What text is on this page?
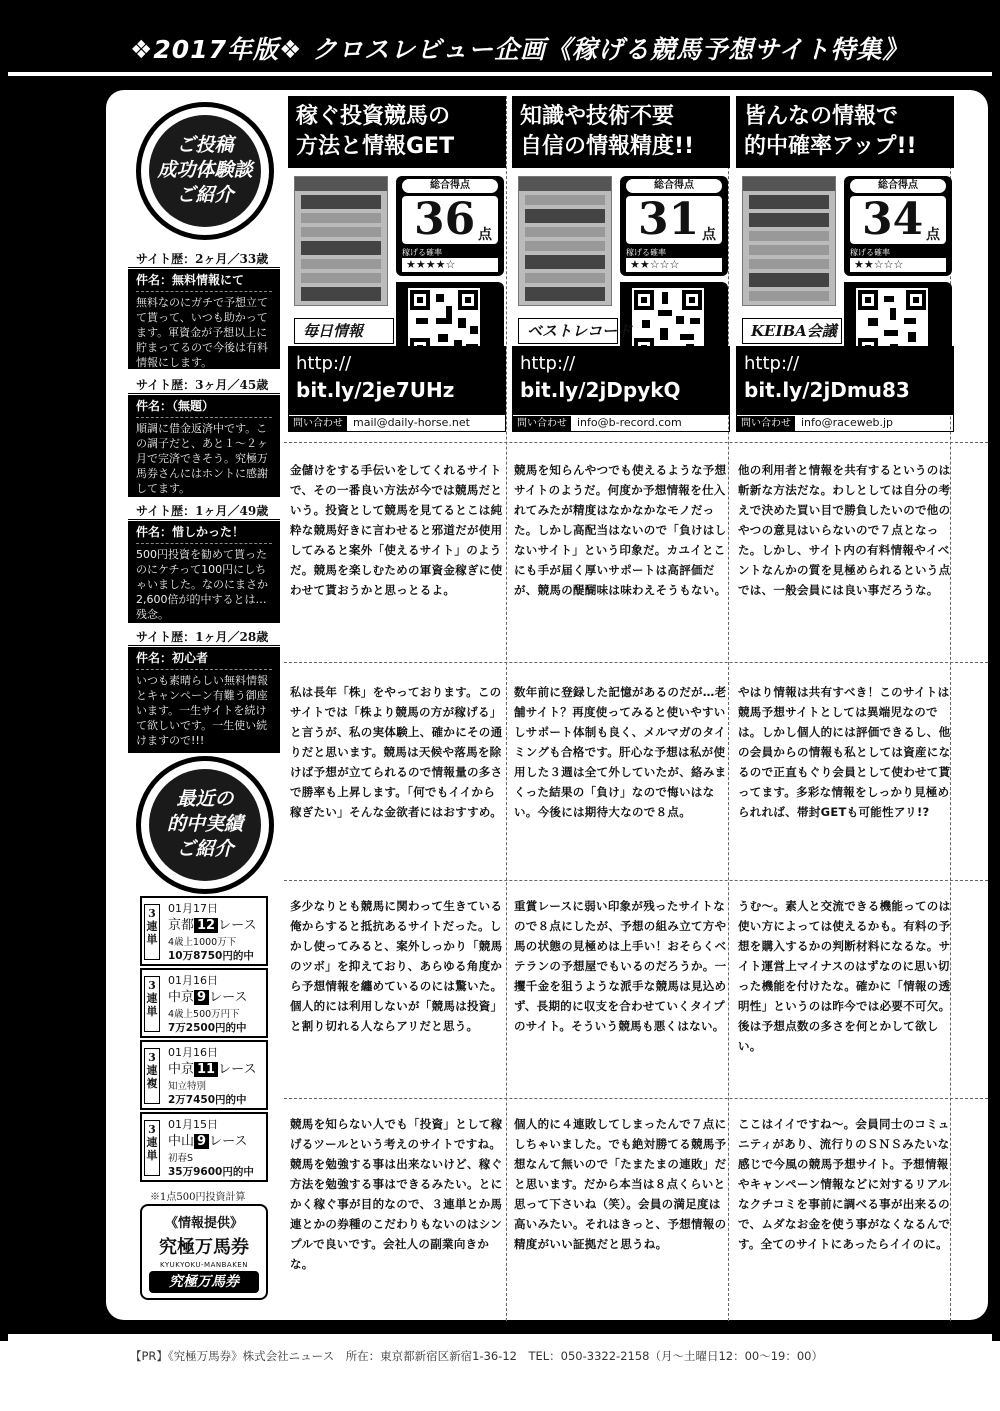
❖2017年版❖ クロスレビュー企画《稼げる競馬予想サイト特集》
ご投稿
成功体験談
ご紹介
サイト歴：2ヶ月／33歳
件名：無料情報にて
無料なのにガチで予想立てて貰って、いつも助かってます。軍資金が予想以上に貯まってるので今後は有料情報にします。
サイト歴：3ヶ月／45歳
件名：（無題）
順調に借金返済中です。この調子だと、あと１～２ヶ月で完済できそう。究極万馬券さんにはホントに感謝してます。
サイト歴：1ヶ月／49歳
件名：惜しかった！
500円投資を勧めて貰ったのにケチって100円にしちゃいました。なのにまさか2,600倍が的中するとは…残念。
サイト歴：1ヶ月／28歳
件名：初心者
いつも素晴らしい無料情報とキャンペーン有難う御座います。一生サイトを続けて欲しいです。一生使い続けますので!!!
最近の
的中実績
ご紹介
3連単
01月17日
京都 12 レース
4歳上1000万下
10万8750円的中
3連単
01月16日
中京 9 レース
4歳上500万円下
7万2500円的中
3連複
01月16日
中京 11 レース
知立特別
2万7450円的中
3連単
01月15日
中山 9 レース
初春S
35万9600円的中
※1点500円投資計算
《情報提供》
究極万馬券
KYUKYOKU-MANBAKEN
究極万馬券
稼ぐ投資競馬の
方法と情報GET
総合得点
36 点
稼げる確率
★★★★☆
毎日情報
http://
bit.ly/2je7UHz
問い合わせ mail@daily-horse.net
金儲けをする手伝いをしてくれるサイトで、その一番良い方法が今では競馬だという。投資として競馬を見てるとこは純粋な競馬好きに言わせると邪道だが使用してみると案外「使えるサイト」のようだ。競馬を楽しむための軍資金稼ぎに使わせて貰おうかと思っとるよ。
私は長年「株」をやっております。このサイトでは「株より競馬の方が稼げる」と言うが、私の実体験上、確かにその通りだと思います。競馬は天候や落馬を除けば予想が立てられるので情報量の多さで勝率も上昇します。「何でもイイから稼ぎたい」そんな金欲者にはおすすめ。
多少なりとも競馬に関わって生きている俺からすると抵抗あるサイトだった。しかし使ってみると、案外しっかり「競馬のツボ」を抑えており、あらゆる角度から予想情報を纏めているのには驚いた。個人的には利用しないが「競馬は投資」と割り切れる人ならアリだと思う。
競馬を知らない人でも「投資」として稼げるツールという考えのサイトですね。競馬を勉強する事は出来ないけど、稼ぐ方法を勉強する事はできるみたい。とにかく稼ぐ事が目的なので、３連単とか馬連とかの券種のこだわりもないのはシンプルで良いです。会社人の副業向きかな。
知識や技術不要
自信の情報精度!!
総合得点
31 点
稼げる確率
★★☆☆☆
ベストレコード
http://
bit.ly/2jDpykQ
問い合わせ info@b-record.com
競馬を知らんやつでも使えるような予想サイトのようだ。何度か予想情報を仕入れてみたが精度はなかなかなモノだった。しかし高配当はないので「負けはしないサイト」という印象だ。カユイとこにも手が届く厚いサポートは高評価だが、競馬の醍醐味は味わえそうもない。
数年前に登録した記憶があるのだが…老舗サイト？再度使ってみると使いやすいしサポート体制も良く、メルマガのタイミングも合格です。肝心な予想は私が使用した３週は全て外していたが、絡みまくった結果の「負け」なので悔いはない。今後には期待大なので８点。
重賞レースに弱い印象が残ったサイトなので８点にしたが、予想の組み立て方や馬の状態の見極めは上手い！おそらくベテランの予想屋でもいるのだろうか。一攫千金を狙うような派手な競馬は見込めず、長期的に収支を合わせていくタイプのサイト。そういう競馬も悪くはない。
個人的に４連敗してしまったんで７点にしちゃいました。でも絶対勝てる競馬予想なんて無いので「たまたまの連敗」だと思います。だから本当は８点くらいと思って下さいね（笑）。会員の満足度は高いみたい。それはきっと、予想情報の精度がいい証拠だと思うね。
皆んなの情報で
的中確率アップ!!
総合得点
34 点
稼げる確率
★★☆☆☆
KEIBA会議
http://
bit.ly/2jDmu83
問い合わせ info@raceweb.jp
他の利用者と情報を共有するというのは斬新な方法だな。わしとしては自分の考えで決めた買い目で勝負したいので他のやつの意見はいらないので７点となった。しかし、サイト内の有料情報やイベントなんかの質を見極められるという点では、一般会員には良い事だろうな。
やはり情報は共有すべき！このサイトは競馬予想サイトとしては異端児なのでは。しかし個人的には評価できるし、他の会員からの情報も私としては資産になるので正直もぐり会員として使わせて貰ってます。多彩な情報をしっかり見極められれば、帯封GETも可能性アリ!?
うむ～。素人と交流できる機能ってのは使い方によっては使えるかも。有料の予想を購入するかの判断材料になるな。サイト運営上マイナスのはずなのに思い切った機能を付けたな。確かに「情報の透明性」というのは昨今では必要不可欠。後は予想点数の多さを何とかして欲しい。
ここはイイですね～。会員同士のコミュニティがあり、流行りのＳＮＳみたいな感じで今風の競馬予想サイト。予想情報やキャンペーン情報などに対するリアルなクチコミを事前に調べる事が出来るので、ムダなお金を使う事がなくなるんです。全てのサイトにあったらイイのに。
【PR】《究極万馬券》株式会社ニュース　所在：東京都新宿区新宿1-36-12　TEL：050-3322-2158（月～土曜日12：00～19：00）
